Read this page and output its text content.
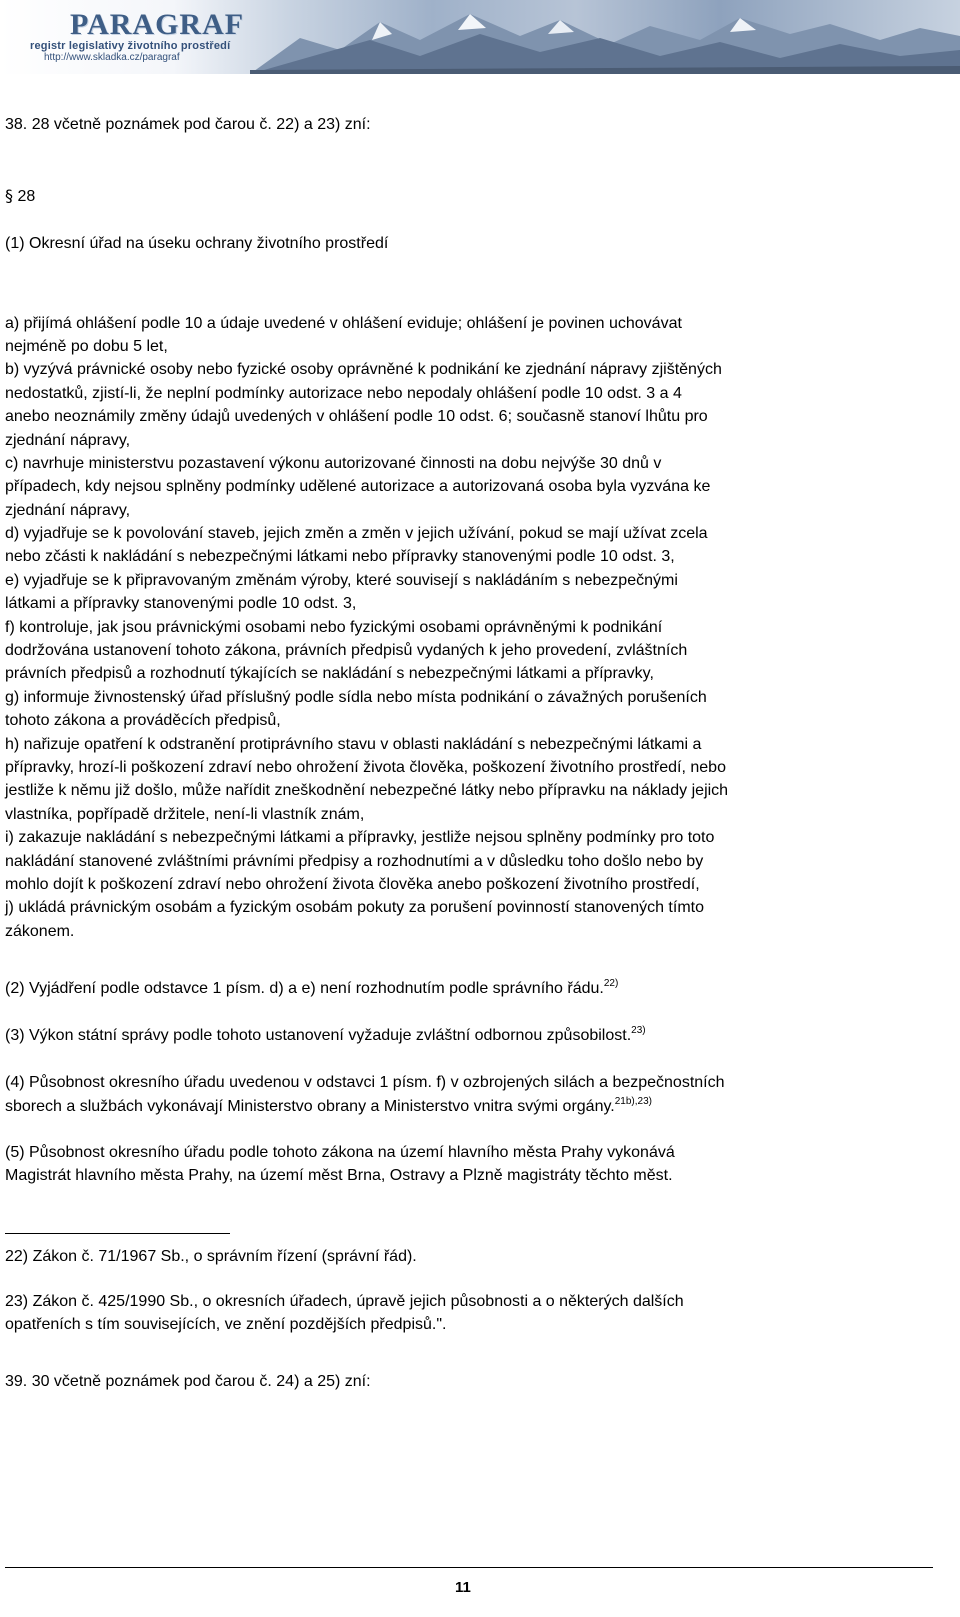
PARAGRAF
registr legislativy životního prostředí
http://www.skladka.cz/paragraf
38. 28 včetně poznámek pod čarou č. 22) a 23) zní:
§ 28
(1) Okresní úřad na úseku ochrany životního prostředí
a) přijímá ohlášení podle 10 a údaje uvedené v ohlášení eviduje; ohlášení je povinen uchovávat
nejméně po dobu 5 let,
b) vyzývá právnické osoby nebo fyzické osoby oprávněné k podnikání ke zjednání nápravy zjištěných
nedostatků, zjistí-li, že neplní podmínky autorizace nebo nepodaly ohlášení podle 10 odst. 3 a 4
anebo neoznámily změny údajů uvedených v ohlášení podle 10 odst. 6; současně stanoví lhůtu pro
zjednání nápravy,
c) navrhuje ministerstvu pozastavení výkonu autorizované činnosti na dobu nejvýše 30 dnů v
případech, kdy nejsou splněny podmínky udělené autorizace a autorizovaná osoba byla vyzvána ke
zjednání nápravy,
d) vyjadřuje se k povolování staveb, jejich změn a změn v jejich užívání, pokud se mají užívat zcela
nebo zčásti k nakládání s nebezpečnými látkami nebo přípravky stanovenými podle 10 odst. 3,
e) vyjadřuje se k připravovaným změnám výroby, které souvisejí s nakládáním s nebezpečnými
látkami a přípravky stanovenými podle 10 odst. 3,
f) kontroluje, jak jsou právnickými osobami nebo fyzickými osobami oprávněnými k podnikání
dodržována ustanovení tohoto zákona, právních předpisů vydaných k jeho provedení, zvláštních
právních předpisů a rozhodnutí týkajících se nakládání s nebezpečnými látkami a přípravky,
g) informuje živnostenský úřad příslušný podle sídla nebo místa podnikání o závažných porušeních
tohoto zákona a prováděcích předpisů,
h) nařizuje opatření k odstranění protiprávního stavu v oblasti nakládání s nebezpečnými látkami a
přípravky, hrozí-li poškození zdraví nebo ohrožení života člověka, poškození životního prostředí, nebo
jestliže k němu již došlo, může nařídit zneškodnění nebezpečné látky nebo přípravku na náklady jejich
vlastníka, popřípadě držitele, není-li vlastník znám,
i) zakazuje nakládání s nebezpečnými látkami a přípravky, jestliže nejsou splněny podmínky pro toto
nakládání stanovené zvláštními právními předpisy a rozhodnutími a v důsledku toho došlo nebo by
mohlo dojít k poškození zdraví nebo ohrožení života člověka anebo poškození životního prostředí,
j) ukládá právnickým osobám a fyzickým osobám pokuty za porušení povinností stanovených tímto
zákonem.
(2) Vyjádření podle odstavce 1 písm. d) a e) není rozhodnutím podle správního řádu.$^{22)}$
(3) Výkon státní správy podle tohoto ustanovení vyžaduje zvláštní odbornou způsobilost.$^{23)}$
(4) Působnost okresního úřadu uvedenou v odstavci 1 písm. f) v ozbrojených silách a bezpečnostních
sborech a službách vykonávají Ministerstvo obrany a Ministerstvo vnitra svými orgány.$^{21b),23)}$
(5) Působnost okresního úřadu podle tohoto zákona na území hlavního města Prahy vykonává
Magistrát hlavního města Prahy, na území měst Brna, Ostravy a Plzně magistráty těchto měst.
22) Zákon č. 71/1967 Sb., o správním řízení (správní řád).
23) Zákon č. 425/1990 Sb., o okresních úřadech, úpravě jejich působnosti a o některých dalších
opatřeních s tím souvisejících, ve znění pozdějších předpisů.".
39. 30 včetně poznámek pod čarou č. 24) a 25) zní:
11
